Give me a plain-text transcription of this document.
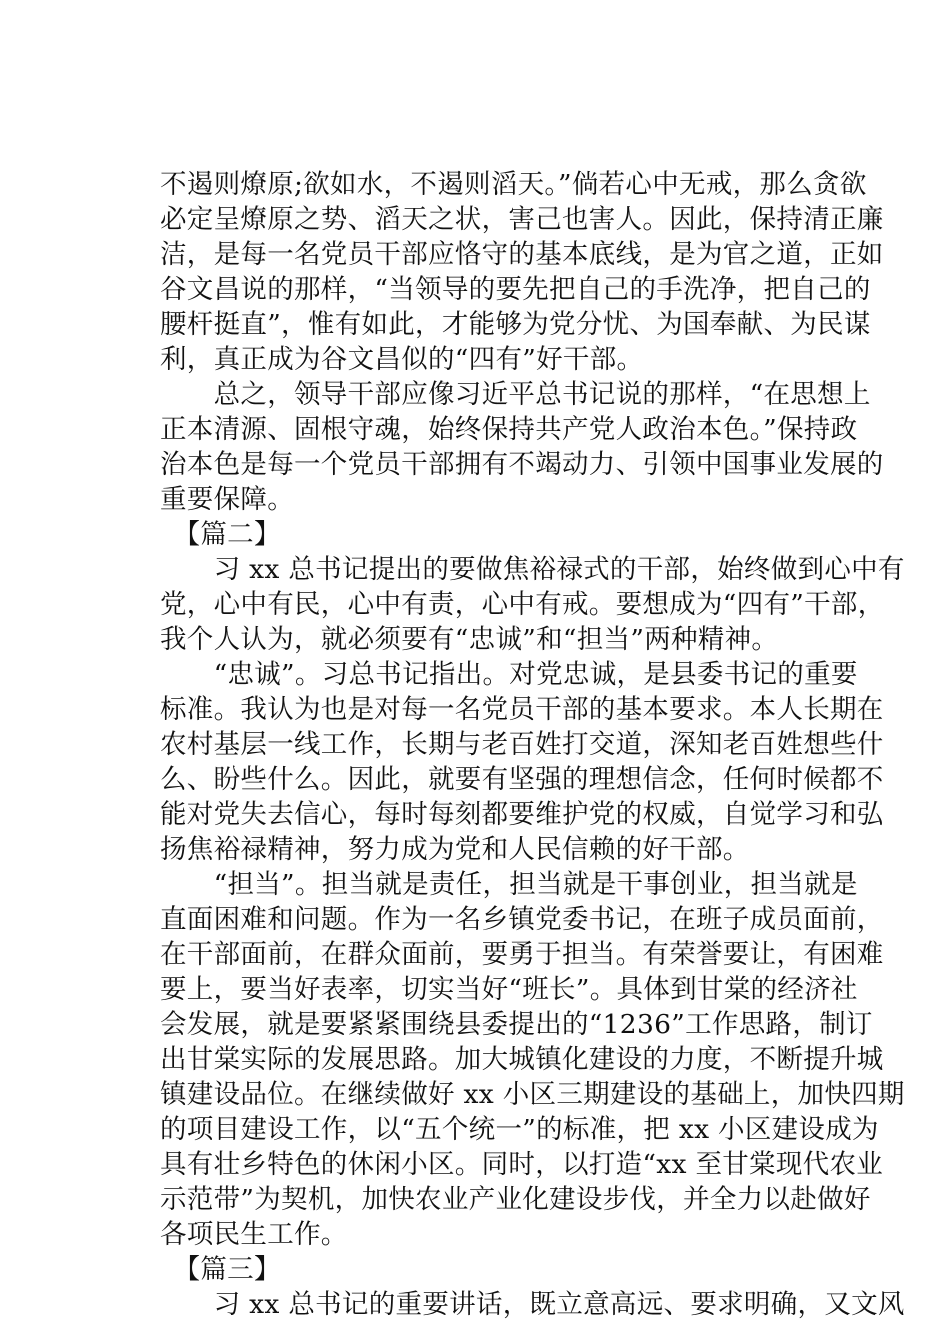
不遏则燎原;欲如水，不遏则滔天。”倘若心中无戒，那么贪欲
必定呈燎原之势、滔天之状，害己也害人。因此，保持清正廉
洁，是每一名党员干部应恪守的基本底线，是为官之道，正如
谷文昌说的那样，“当领导的要先把自己的手洗净，把自己的
腰杆挺直”，惟有如此，才能够为党分忧、为国奉献、为民谋
利，真正成为谷文昌似的“四有”好干部。
　　总之，领导干部应像习近平总书记说的那样，“在思想上
正本清源、固根守魂，始终保持共产党人政治本色。”保持政
治本色是每一个党员干部拥有不竭动力、引领中国事业发展的
重要保障。
　【篇二】
　　习 xx 总书记提出的要做焦裕禄式的干部，始终做到心中有
党，心中有民，心中有责，心中有戒。要想成为“四有”干部，
我个人认为，就必须要有“忠诚”和“担当”两种精神。
　　“忠诚”。习总书记指出。对党忠诚，是县委书记的重要
标准。我认为也是对每一名党员干部的基本要求。本人长期在
农村基层一线工作，长期与老百姓打交道，深知老百姓想些什
么、盼些什么。因此，就要有坚强的理想信念，任何时候都不
能对党失去信心，每时每刻都要维护党的权威，自觉学习和弘
扬焦裕禄精神，努力成为党和人民信赖的好干部。
　　“担当”。担当就是责任，担当就是干事创业，担当就是
直面困难和问题。作为一名乡镇党委书记，在班子成员面前，
在干部面前，在群众面前，要勇于担当。有荣誉要让，有困难
要上，要当好表率，切实当好“班长”。具体到甘棠的经济社
会发展，就是要紧紧围绕县委提出的“1236”工作思路，制订
出甘棠实际的发展思路。加大城镇化建设的力度，不断提升城
镇建设品位。在继续做好 xx 小区三期建设的基础上，加快四期
的项目建设工作，以“五个统一”的标准，把 xx 小区建设成为
具有壮乡特色的休闲小区。同时，以打造“xx 至甘棠现代农业
示范带”为契机，加快农业产业化建设步伐，并全力以赴做好
各项民生工作。
　【篇三】
　　习 xx 总书记的重要讲话，既立意高远、要求明确，又文风
